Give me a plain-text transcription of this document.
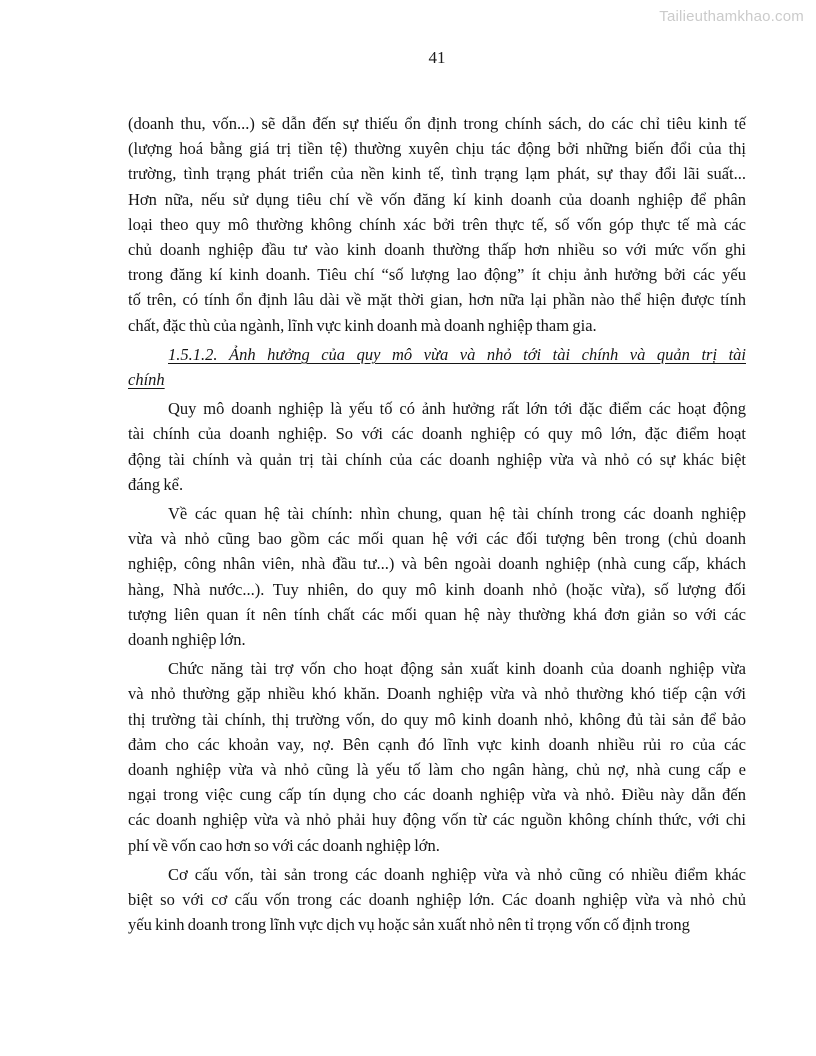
Tailieuthamkhao.com
41
(doanh thu, vốn...) sẽ dẫn đến sự thiếu ổn định trong chính sách, do các chỉ tiêu kinh tế
(lượng hoá bằng giá trị tiền tệ) thường xuyên chịu tác động bởi những biến đổi của thị
trường, tình trạng phát triển của nền kinh tế, tình trạng lạm phát, sự thay đổi lãi suất...
Hơn nữa, nếu sử dụng tiêu chí về vốn đăng kí kinh doanh của doanh nghiệp để phân
loại theo quy mô thường không chính xác bởi trên thực tế, số vốn góp thực tế mà các
chủ doanh nghiệp đầu tư vào kinh doanh thường thấp hơn nhiều so với mức vốn ghi
trong đăng kí kinh doanh. Tiêu chí “số lượng lao động” ít chịu ảnh hưởng bởi các yếu
tố trên, có tính ổn định lâu dài về mặt thời gian, hơn nữa lại phần nào thể hiện được tính
chất, đặc thù của ngành, lĩnh vực kinh doanh mà doanh nghiệp tham gia.
1.5.1.2. Ảnh hưởng của quy mô vừa và nhỏ tới tài chính và quản trị tài
chính
Quy mô doanh nghiệp là yếu tố có ảnh hưởng rất lớn tới đặc điểm các hoạt động
tài chính của doanh nghiệp. So với các doanh nghiệp có quy mô lớn, đặc điểm hoạt
động tài chính và quản trị tài chính của các doanh nghiệp vừa và nhỏ có sự khác biệt
đáng kể.
Về các quan hệ tài chính: nhìn chung, quan hệ tài chính trong các doanh nghiệp
vừa và nhỏ cũng bao gồm các mối quan hệ với các đối tượng bên trong (chủ doanh
nghiệp, công nhân viên, nhà đầu tư...) và bên ngoài doanh nghiệp (nhà cung cấp, khách
hàng, Nhà nước...). Tuy nhiên, do quy mô kinh doanh nhỏ (hoặc vừa), số lượng đối
tượng liên quan ít nên tính chất các mối quan hệ này thường khá đơn giản so với các
doanh nghiệp lớn.
Chức năng tài trợ vốn cho hoạt động sản xuất kinh doanh của doanh nghiệp vừa
và nhỏ thường gặp nhiều khó khăn. Doanh nghiệp vừa và nhỏ thường khó tiếp cận với
thị trường tài chính, thị trường vốn, do quy mô kinh doanh nhỏ, không đủ tài sản để bảo
đảm cho các khoản vay, nợ. Bên cạnh đó lĩnh vực kinh doanh nhiều rủi ro của các
doanh nghiệp vừa và nhỏ cũng là yếu tố làm cho ngân hàng, chủ nợ, nhà cung cấp e
ngại trong việc cung cấp tín dụng cho các doanh nghiệp vừa và nhỏ. Điều này dẫn đến
các doanh nghiệp vừa và nhỏ phải huy động vốn từ các nguồn không chính thức, với chi
phí về vốn cao hơn so với các doanh nghiệp lớn.
Cơ cấu vốn, tài sản trong các doanh nghiệp vừa và nhỏ cũng có nhiều điểm khác
biệt so với cơ cấu vốn trong các doanh nghiệp lớn. Các doanh nghiệp vừa và nhỏ chủ
yếu kinh doanh trong lĩnh vực dịch vụ hoặc sản xuất nhỏ nên tỉ trọng vốn cố định trong
